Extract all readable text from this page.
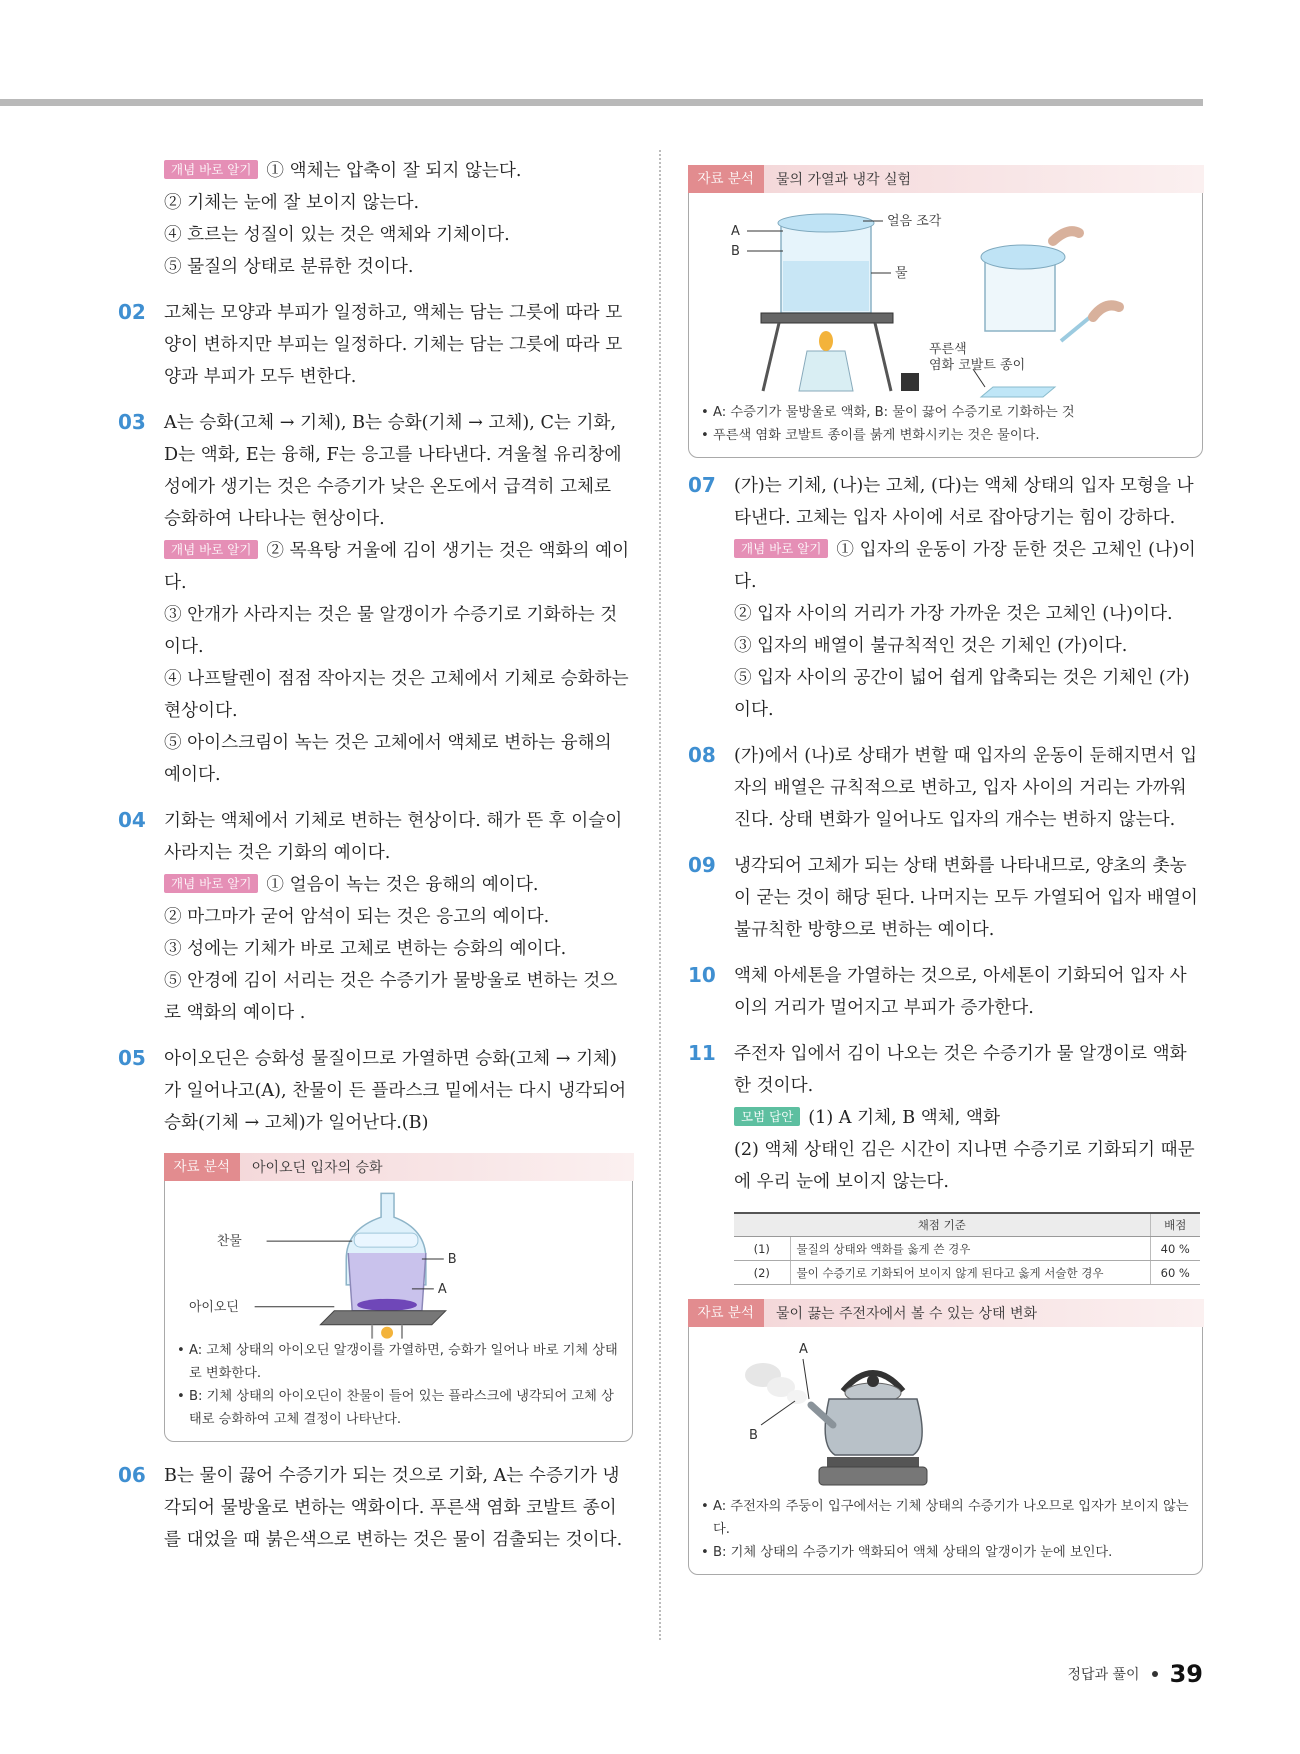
개념 바로 알기 ① 액체는 압축이 잘 되지 않는다.
② 기체는 눈에 잘 보이지 않는다.
④ 흐르는 성질이 있는 것은 액체와 기체이다.
⑤ 물질의 상태로 분류한 것이다.
02 고체는 모양과 부피가 일정하고, 액체는 담는 그릇에 따라 모양이 변하지만 부피는 일정하다. 기체는 담는 그릇에 따라 모양과 부피가 모두 변한다.
03 A는 승화(고체 → 기체), B는 승화(기체 → 고체), C는 기화, D는 액화, E는 융해, F는 응고를 나타낸다. 겨울철 유리창에 성에가 생기는 것은 수증기가 낮은 온도에서 급격히 고체로 승화하여 나타나는 현상이다.
개념 바로 알기 ② 목욕탕 거울에 김이 생기는 것은 액화의 예이다.
③ 안개가 사라지는 것은 물 알갱이가 수증기로 기화하는 것이다.
④ 나프탈렌이 점점 작아지는 것은 고체에서 기체로 승화하는 현상이다.
⑤ 아이스크림이 녹는 것은 고체에서 액체로 변하는 융해의 예이다.
04 기화는 액체에서 기체로 변하는 현상이다. 해가 뜬 후 이슬이 사라지는 것은 기화의 예이다.
개념 바로 알기 ① 얼음이 녹는 것은 융해의 예이다.
② 마그마가 굳어 암석이 되는 것은 응고의 예이다.
③ 성에는 기체가 바로 고체로 변하는 승화의 예이다.
⑤ 안경에 김이 서리는 것은 수증기가 물방울로 변하는 것으로 액화의 예이다 .
05 아이오딘은 승화성 물질이므로 가열하면 승화(고체 → 기체)가 일어나고(A), 찬물이 든 플라스크 밑에서는 다시 냉각되어 승화(기체 → 고체)가 일어난다.(B)
자료 분석	아이오딘 입자의 승화
찬물
B
A
아이오딘
• A: 고체 상태의 아이오딘 알갱이를 가열하면, 승화가 일어나 바로 기체 상태로 변화한다.
• B: 기체 상태의 아이오딘이 찬물이 들어 있는 플라스크에 냉각되어 고체 상태로 승화하여 고체 결정이 나타난다.
06 B는 물이 끓어 수증기가 되는 것으로 기화, A는 수증기가 냉각되어 물방울로 변하는 액화이다. 푸른색 염화 코발트 종이를 대었을 때 붉은색으로 변하는 것은 물이 검출되는 것이다.
자료 분석	물의 가열과 냉각 실험
A
B
얼음 조각
물
푸른색
염화 코발트 종이
• A: 수증기가 물방울로 액화, B: 물이 끓어 수증기로 기화하는 것
• 푸른색 염화 코발트 종이를 붉게 변화시키는 것은 물이다.
07 (가)는 기체, (나)는 고체, (다)는 액체 상태의 입자 모형을 나타낸다. 고체는 입자 사이에 서로 잡아당기는 힘이 강하다.
개념 바로 알기 ① 입자의 운동이 가장 둔한 것은 고체인 (나)이다.
② 입자 사이의 거리가 가장 가까운 것은 고체인 (나)이다.
③ 입자의 배열이 불규칙적인 것은 기체인 (가)이다.
⑤ 입자 사이의 공간이 넓어 쉽게 압축되는 것은 기체인 (가)이다.
08 (가)에서 (나)로 상태가 변할 때 입자의 운동이 둔해지면서 입자의 배열은 규칙적으로 변하고, 입자 사이의 거리는 가까워진다. 상태 변화가 일어나도 입자의 개수는 변하지 않는다.
09 냉각되어 고체가 되는 상태 변화를 나타내므로, 양초의 촛농이 굳는 것이 해당 된다. 나머지는 모두 가열되어 입자 배열이 불규칙한 방향으로 변하는 예이다.
10 액체 아세톤을 가열하는 것으로, 아세톤이 기화되어 입자 사이의 거리가 멀어지고 부피가 증가한다.
11 주전자 입에서 김이 나오는 것은 수증기가 물 알갱이로 액화한 것이다.
모범 답안 (1) A 기체, B 액체, 액화
(2) 액체 상태인 김은 시간이 지나면 수증기로 기화되기 때문에 우리 눈에 보이지 않는다.
채점 기준		배점
(1)	물질의 상태와 액화를 옳게 쓴 경우	40 %
(2)	물이 수증기로 기화되어 보이지 않게 된다고 옳게 서술한 경우	60 %
자료 분석	물이 끓는 주전자에서 볼 수 있는 상태 변화
A
B
• A: 주전자의 주둥이 입구에서는 기체 상태의 수증기가 나오므로 입자가 보이지 않는다.
• B: 기체 상태의 수증기가 액화되어 액체 상태의 알갱이가 눈에 보인다.
정답과 풀이 39
